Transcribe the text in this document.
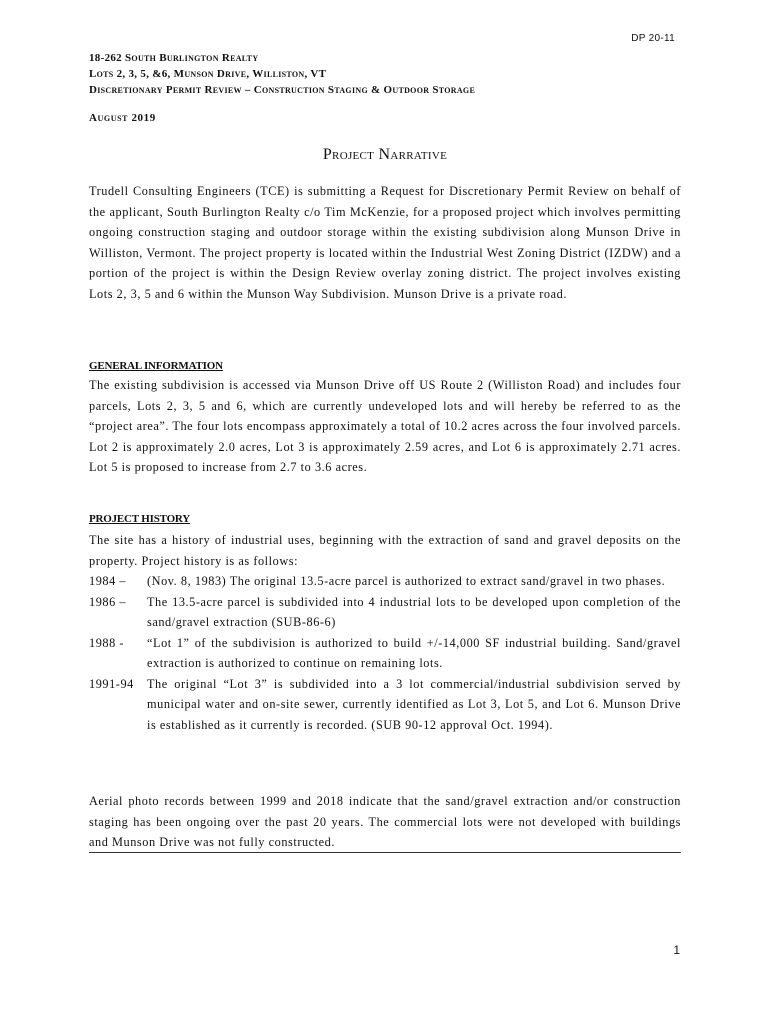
DP 20-11
18-262 South Burlington Realty
Lots 2, 3, 5, &6, Munson Drive, Williston, VT
Discretionary Permit Review – Construction Staging & Outdoor Storage
August 2019
Project Narrative

Trudell Consulting Engineers (TCE) is submitting a Request for Discretionary Permit Review on behalf of the applicant, South Burlington Realty c/o Tim McKenzie, for a proposed project which involves permitting ongoing construction staging and outdoor storage within the existing subdivision along Munson Drive in Williston, Vermont. The project property is located within the Industrial West Zoning District (IZDW) and a portion of the project is within the Design Review overlay zoning district. The project involves existing Lots 2, 3, 5 and 6 within the Munson Way Subdivision. Munson Drive is a private road.

GENERAL INFORMATION

The existing subdivision is accessed via Munson Drive off US Route 2 (Williston Road) and includes four parcels, Lots 2, 3, 5 and 6, which are currently undeveloped lots and will hereby be referred to as the “project area”. The four lots encompass approximately a total of 10.2 acres across the four involved parcels. Lot 2 is approximately 2.0 acres, Lot 3 is approximately 2.59 acres, and Lot 6 is approximately 2.71 acres. Lot 5 is proposed to increase from 2.7 to 3.6 acres.

PROJECT HISTORY

The site has a history of industrial uses, beginning with the extraction of sand and gravel deposits on the property. Project history is as follows:

1984 – (Nov. 8, 1983) The original 13.5-acre parcel is authorized to extract sand/gravel in two phases.
1986 – The 13.5-acre parcel is subdivided into 4 industrial lots to be developed upon completion of the sand/gravel extraction (SUB-86-6)
1988 - “Lot 1” of the subdivision is authorized to build +/-14,000 SF industrial building. Sand/gravel extraction is authorized to continue on remaining lots.
1991-94 The original “Lot 3” is subdivided into a 3 lot commercial/industrial subdivision served by municipal water and on-site sewer, currently identified as Lot 3, Lot 5, and Lot 6. Munson Drive is established as it currently is recorded. (SUB 90-12 approval Oct. 1994).

Aerial photo records between 1999 and 2018 indicate that the sand/gravel extraction and/or construction staging has been ongoing over the past 20 years. The commercial lots were not developed with buildings and Munson Drive was not fully constructed.

1
